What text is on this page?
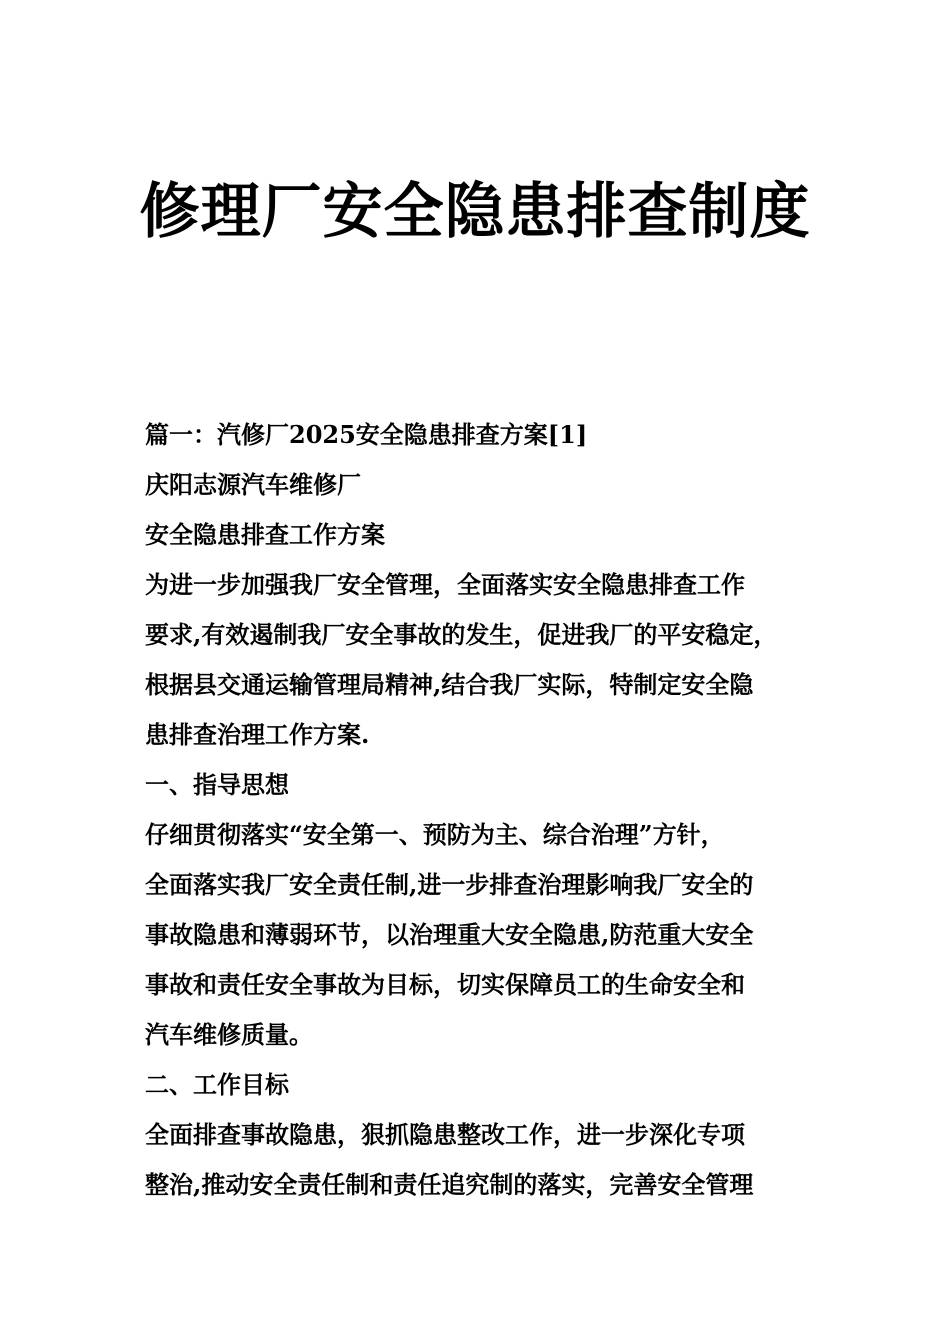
修理厂安全隐患排查制度
篇一：汽修厂2025安全隐患排查方案[1]
庆阳志源汽车维修厂
安全隐患排查工作方案
为进一步加强我厂安全管理，全面落实安全隐患排查工作
要求,有效遏制我厂安全事故的发生，促进我厂的平安稳定，
根据县交通运输管理局精神,结合我厂实际，特制定安全隐
患排查治理工作方案.
一、指导思想
仔细贯彻落实“安全第一、预防为主、综合治理”方针，
全面落实我厂安全责任制,进一步排查治理影响我厂安全的
事故隐患和薄弱环节，以治理重大安全隐患,防范重大安全
事故和责任安全事故为目标，切实保障员工的生命安全和
汽车维修质量。
二、工作目标
全面排查事故隐患，狠抓隐患整改工作，进一步深化专项
整治,推动安全责任制和责任追究制的落实，完善安全管理
